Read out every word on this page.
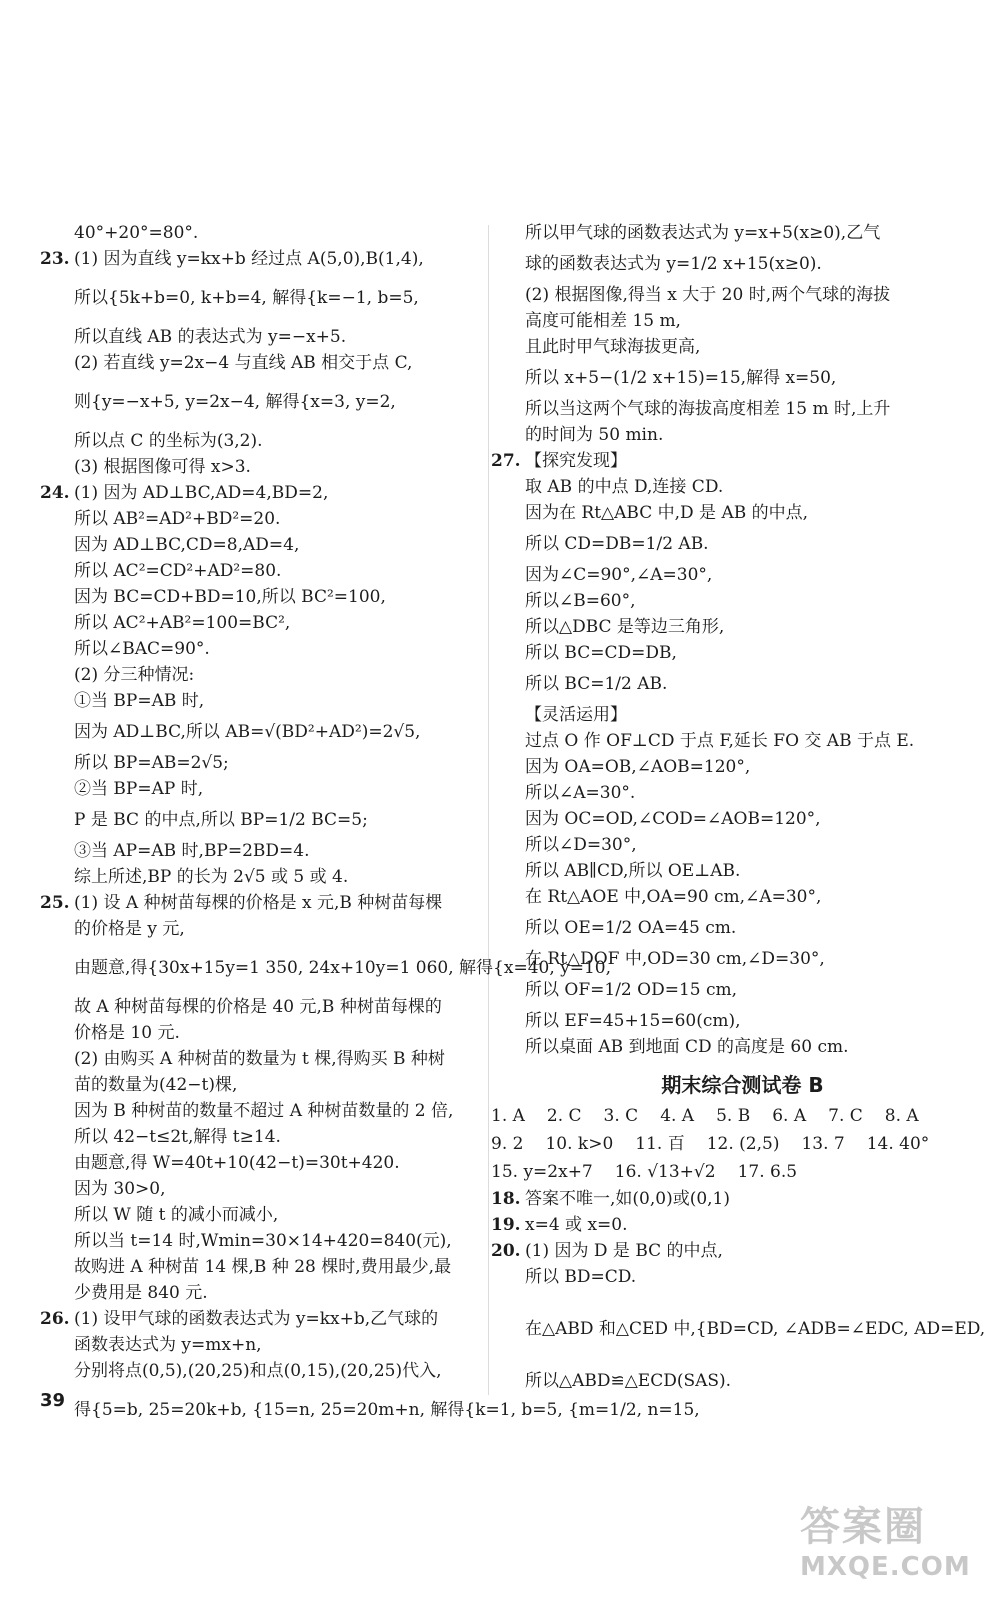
40°+20°=80°.
23. (1) 因为直线 y=kx+b 经过点 A(5,0),B(1,4),
所以{5k+b=0, k+b=4, 解得{k=−1, b=5,
所以直线 AB 的表达式为 y=−x+5.
(2) 若直线 y=2x−4 与直线 AB 相交于点 C,
则{y=−x+5, y=2x−4, 解得{x=3, y=2,
所以点 C 的坐标为(3,2).
(3) 根据图像可得 x>3.
24. (1) 因为 AD⊥BC,AD=4,BD=2,
所以 AB²=AD²+BD²=20.
因为 AD⊥BC,CD=8,AD=4,
所以 AC²=CD²+AD²=80.
因为 BC=CD+BD=10,所以 BC²=100,
所以 AC²+AB²=100=BC²,
所以∠BAC=90°.
(2) 分三种情况:
①当 BP=AB 时,
因为 AD⊥BC,所以 AB=√(BD²+AD²)=2√5,
所以 BP=AB=2√5;
②当 BP=AP 时,
P 是 BC 的中点,所以 BP=1/2 BC=5;
③当 AP=AB 时,BP=2BD=4.
综上所述,BP 的长为 2√5 或 5 或 4.
25. (1) 设 A 种树苗每棵的价格是 x 元,B 种树苗每棵
的价格是 y 元,
由题意,得{30x+15y=1 350, 24x+10y=1 060, 解得{x=40, y=10,
故 A 种树苗每棵的价格是 40 元,B 种树苗每棵的
价格是 10 元.
(2) 由购买 A 种树苗的数量为 t 棵,得购买 B 种树
苗的数量为(42−t)棵,
因为 B 种树苗的数量不超过 A 种树苗数量的 2 倍,
所以 42−t≤2t,解得 t≥14.
由题意,得 W=40t+10(42−t)=30t+420.
因为 30>0,
所以 W 随 t 的减小而减小,
所以当 t=14 时,Wmin=30×14+420=840(元),
故购进 A 种树苗 14 棵,B 种 28 棵时,费用最少,最
少费用是 840 元.
26. (1) 设甲气球的函数表达式为 y=kx+b,乙气球的
函数表达式为 y=mx+n,
分别将点(0,5),(20,25)和点(0,15),(20,25)代入,
得{5=b, 25=20k+b, {15=n, 25=20m+n, 解得{k=1, b=5, {m=1/2, n=15,
所以甲气球的函数表达式为 y=x+5(x≥0),乙气
球的函数表达式为 y=1/2 x+15(x≥0).
(2) 根据图像,得当 x 大于 20 时,两个气球的海拔
高度可能相差 15 m,
且此时甲气球海拔更高,
所以 x+5−(1/2 x+15)=15,解得 x=50,
所以当这两个气球的海拔高度相差 15 m 时,上升
的时间为 50 min.
27. 【探究发现】
取 AB 的中点 D,连接 CD.
因为在 Rt△ABC 中,D 是 AB 的中点,
所以 CD=DB=1/2 AB.
因为∠C=90°,∠A=30°,
所以∠B=60°,
所以△DBC 是等边三角形,
所以 BC=CD=DB,
所以 BC=1/2 AB.
【灵活运用】
过点 O 作 OF⊥CD 于点 F,延长 FO 交 AB 于点 E.
因为 OA=OB,∠AOB=120°,
所以∠A=30°.
因为 OC=OD,∠COD=∠AOB=120°,
所以∠D=30°,
所以 AB∥CD,所以 OE⊥AB.
在 Rt△AOE 中,OA=90 cm,∠A=30°,
所以 OE=1/2 OA=45 cm.
在 Rt△DOF 中,OD=30 cm,∠D=30°,
所以 OF=1/2 OD=15 cm,
所以 EF=45+15=60(cm),
所以桌面 AB 到地面 CD 的高度是 60 cm.
期末综合测试卷 B
1. A 2. C 3. C 4. A 5. B 6. A 7. C 8. A
9. 2 10. k>0 11. 百 12. (2,5) 13. 7 14. 40°
15. y=2x+7 16. √13+√2 17. 6.5
18. 答案不唯一,如(0,0)或(0,1)
19. x=4 或 x=0.
20. (1) 因为 D 是 BC 的中点,
所以 BD=CD.
在△ABD 和△CED 中,{BD=CD, ∠ADB=∠EDC, AD=ED,
所以△ABD≌△ECD(SAS).
39
答案圈
MXQE.COM
